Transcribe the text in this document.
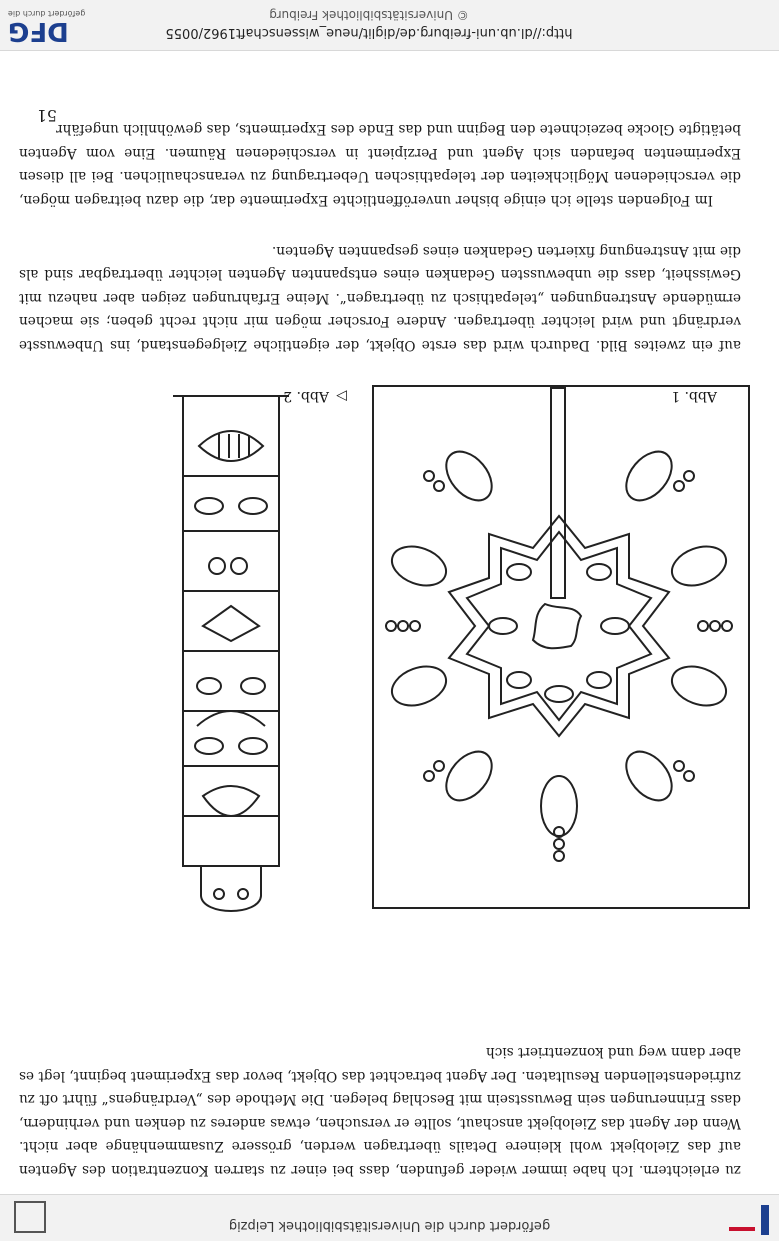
gefördert durch die Universitätsbibliothek Leipzig
zu erleichtern. Ich habe immer wieder gefunden, dass bei einer zu starren Konzentration des Agenten auf das Zielobjekt wohl kleinere Details übertragen werden, grössere Zusammenhänge aber nicht. Wenn der Agent das Zielobjekt anschaut, sollte er versuchen, etwas anderes zu denken und verhindern, dass Erinnerungen sein Bewusstsein mit Beschlag belegen. Die Methode des „Verdrängens“ führt oft zu zufriedenstellenden Resultaten. Der Agent betrachtet das Objekt, bevor das Experiment beginnt, legt es aber dann weg und konzentriert sich
Abb. 1
▷
Abb. 2
auf ein zweites Bild. Dadurch wird das erste Objekt, der eigentliche Zielgegenstand, ins Unbewusste verdrängt und wird leichter übertragen. Andere Forscher mögen mir nicht recht geben; sie machen ermüdende Anstrengungen „telepathisch zu übertragen“. Meine Erfahrungen zeigen aber nahezu mit Gewissheit, dass die unbewussten Gedanken eines entspannten Agenten leichter übertragbar sind als die mit Anstrengung fixierten Gedanken eines gespannten Agenten.
Im Folgenden stelle ich einige bisher unveröffentlichte Experimente dar, die dazu beitragen mögen, die verschiedenen Möglichkeiten der telepathischen Uebertragung zu veranschaulichen. Bei all diesen Experimenten befanden sich Agent und Perzipient in verschiedenen Räumen. Eine vom Agenten betätigte Glocke bezeichnete den Beginn und das Ende des Experiments, das gewöhnlich ungefähr
51
http://dl.ub.uni-freiburg.de/diglit/neue_wissenschaft1962/0055
© Universitätsbibliothek Freiburg
DFG
gefördert durch die
